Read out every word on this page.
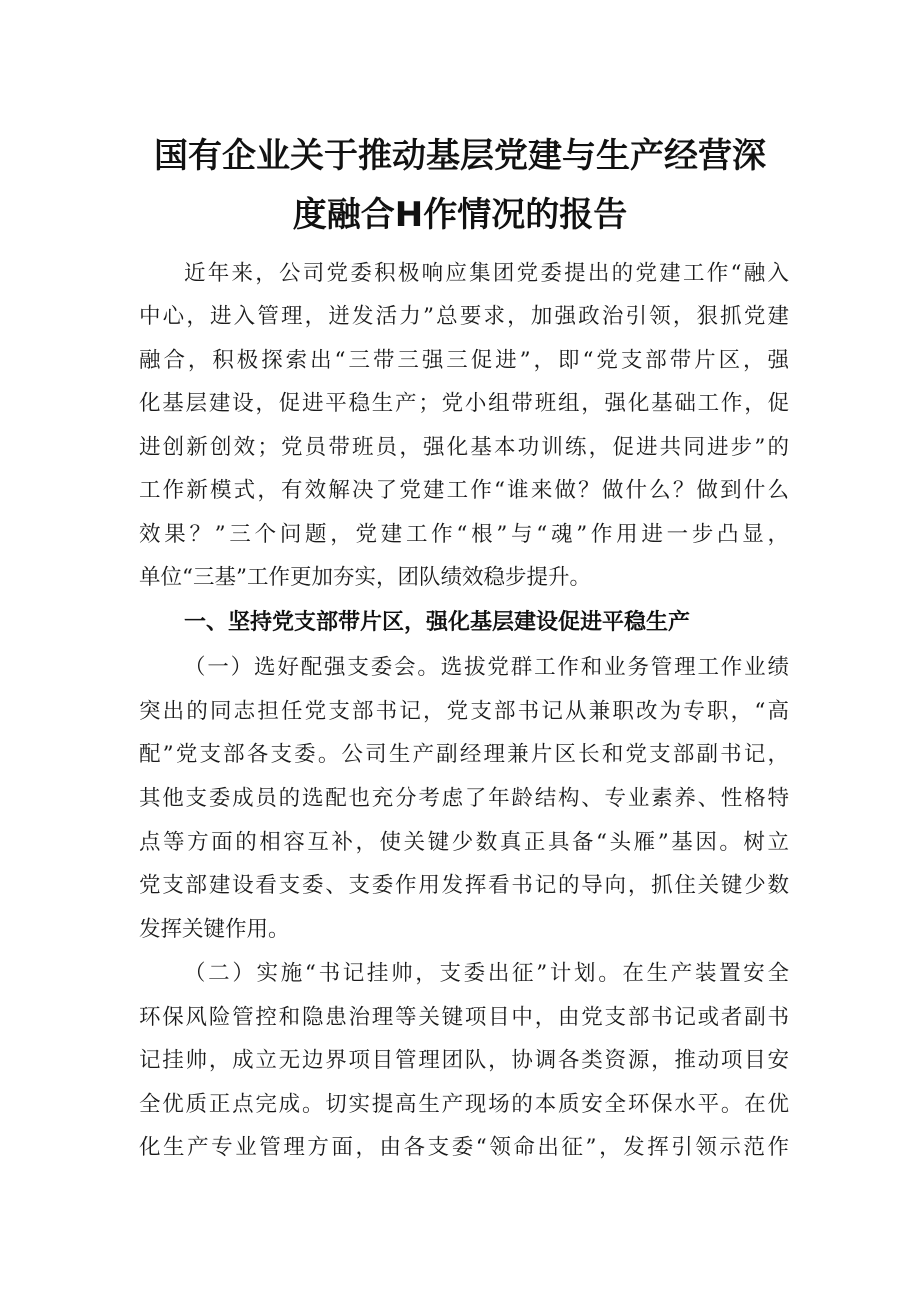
国有企业关于推动基层党建与生产经营深
度融合H作情况的报告
近年来，公司党委积极响应集团党委提出的党建工作“融入
中心，进入管理，迸发活力”总要求，加强政治引领，狠抓党建
融合，积极探索出“三带三强三促进”，即“党支部带片区，强
化基层建设，促进平稳生产；党小组带班组，强化基础工作，促
进创新创效；党员带班员，强化基本功训练，促进共同进步”的
工作新模式，有效解决了党建工作“谁来做？做什么？做到什么
效果？”三个问题，党建工作“根”与“魂”作用进一步凸显，
单位“三基”工作更加夯实，团队绩效稳步提升。
一、坚持党支部带片区，强化基层建设促进平稳生产
（一）选好配强支委会。选拔党群工作和业务管理工作业绩
突出的同志担任党支部书记，党支部书记从兼职改为专职，“高
配”党支部各支委。公司生产副经理兼片区长和党支部副书记，
其他支委成员的选配也充分考虑了年龄结构、专业素养、性格特
点等方面的相容互补，使关键少数真正具备“头雁”基因。树立
党支部建设看支委、支委作用发挥看书记的导向，抓住关键少数
发挥关键作用。
（二）实施“书记挂帅，支委出征”计划。在生产装置安全
环保风险管控和隐患治理等关键项目中，由党支部书记或者副书
记挂帅，成立无边界项目管理团队，协调各类资源，推动项目安
全优质正点完成。切实提高生产现场的本质安全环保水平。在优
化生产专业管理方面，由各支委“领命出征”，发挥引领示范作
